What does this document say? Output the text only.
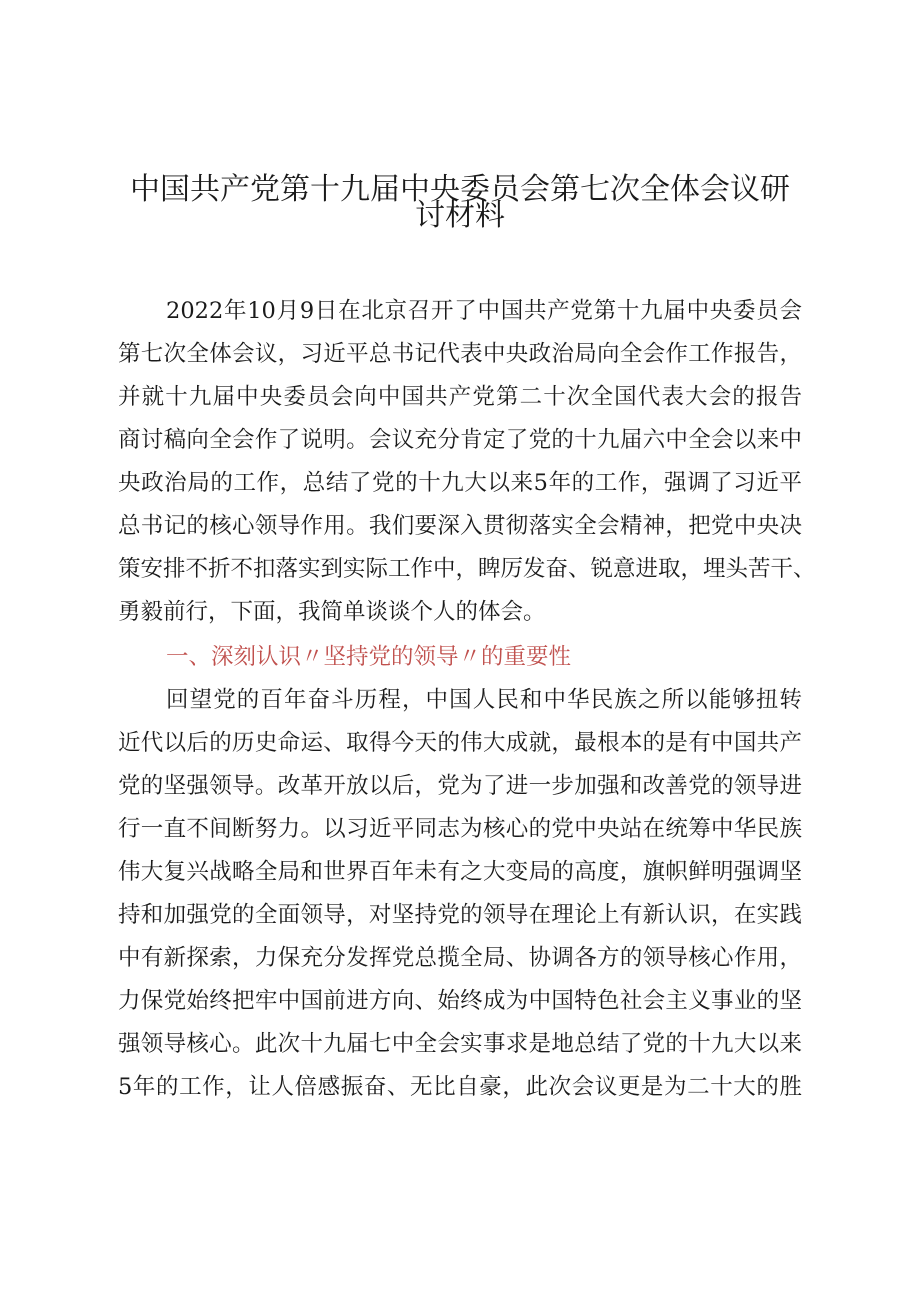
中国共产党第十九届中央委员会第七次全体会议研
讨材料
2022年10月9日在北京召开了中国共产党第十九届中央委员会
第七次全体会议，习近平总书记代表中央政治局向全会作工作报告，
并就十九届中央委员会向中国共产党第二十次全国代表大会的报告
商讨稿向全会作了说明。会议充分肯定了党的十九届六中全会以来中
央政治局的工作，总结了党的十九大以来5年的工作，强调了习近平
总书记的核心领导作用。我们要深入贯彻落实全会精神，把党中央决
策安排不折不扣落实到实际工作中，睥厉发奋、锐意进取，埋头苦干、
勇毅前行，下面，我简单谈谈个人的体会。
一、深刻认识〃坚持党的领导〃的重要性
回望党的百年奋斗历程，中国人民和中华民族之所以能够扭转
近代以后的历史命运、取得今天的伟大成就，最根本的是有中国共产
党的坚强领导。改革开放以后，党为了进一步加强和改善党的领导进
行一直不间断努力。以习近平同志为核心的党中央站在统筹中华民族
伟大复兴战略全局和世界百年未有之大变局的高度，旗帜鲜明强调坚
持和加强党的全面领导，对坚持党的领导在理论上有新认识，在实践
中有新探索，力保充分发挥党总揽全局、协调各方的领导核心作用，
力保党始终把牢中国前进方向、始终成为中国特色社会主义事业的坚
强领导核心。此次十九届七中全会实事求是地总结了党的十九大以来
5年的工作，让人倍感振奋、无比自豪，此次会议更是为二十大的胜
